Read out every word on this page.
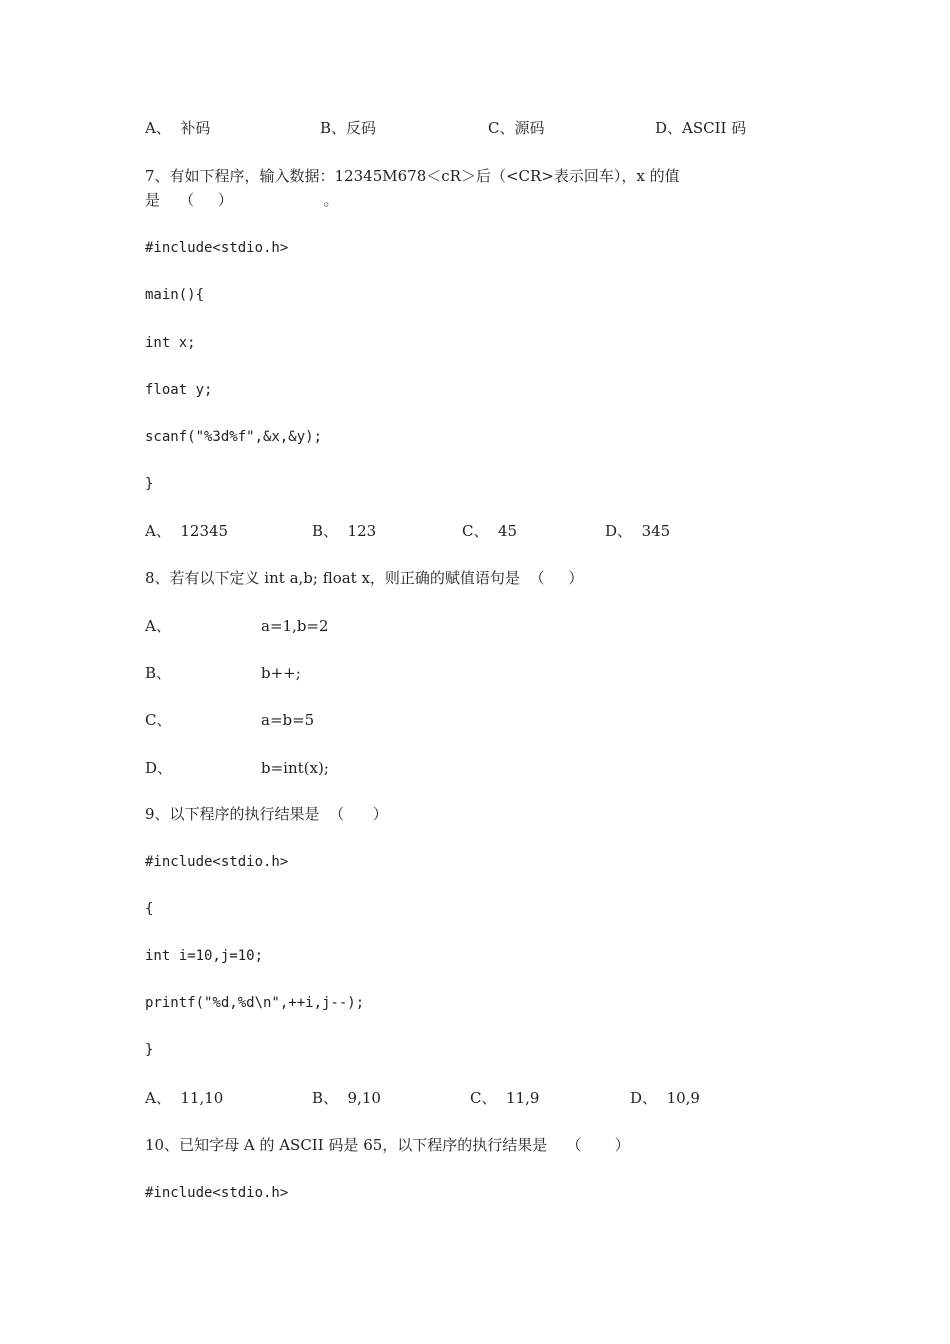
A、  补码	B、反码	C、源码	D、ASCII 码
7、有如下程序，输入数据：12345M678＜cR＞后（<CR>表示回车），x 的值
是    （     ）                   。
#include<stdio.h>
main(){
int x;
float y;
scanf("%3d%f",&x,&y);
}
A、  12345	B、  123	C、  45	D、  345
8、若有以下定义 int a,b; float x，则正确的赋值语句是  （     ）
A、	a=1,b=2
B、	b++;
C、	a=b=5
D、	b=int(x);
9、以下程序的执行结果是  （      ）
#include<stdio.h>
{
int i=10,j=10;
printf("%d,%d\n",++i,j--);
}
A、  11,10	B、  9,10	C、  11,9	D、  10,9
10、已知字母 A 的 ASCII 码是 65，以下程序的执行结果是    （       ）
#include<stdio.h>
